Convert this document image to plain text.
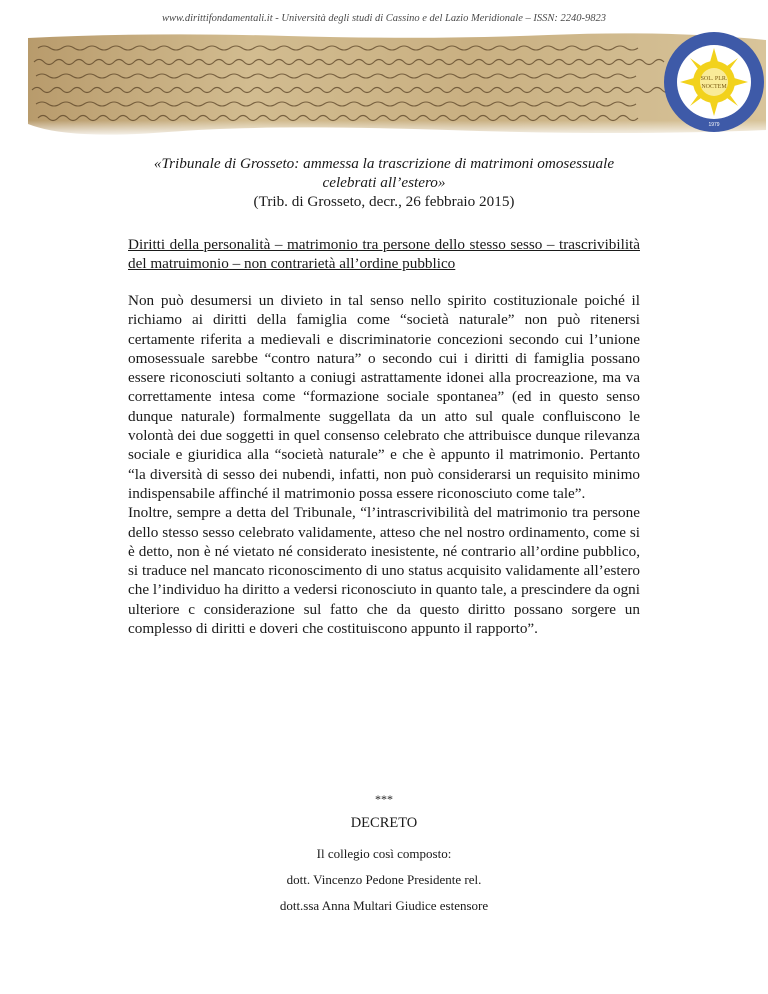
www.dirittifondamentali.it - Università degli studi di Cassino e del Lazio Meridionale – ISSN: 2240-9823
SOL. PLR.
NOCTEM
1979
«Tribunale di Grosseto: ammessa la trascrizione di matrimoni omosessuale celebrati all’estero»
(Trib. di Grosseto, decr., 26 febbraio 2015)
Diritti della personalità – matrimonio tra persone dello stesso sesso – trascrivibilità del matruimonio – non contrarietà all’ordine pubblico

Non può desumersi un divieto in tal senso nello spirito costituzionale poiché il richiamo ai diritti della famiglia come “società naturale” non può ritenersi certamente riferita a medievali e discriminatorie concezioni secondo cui l’unione omosessuale sarebbe “contro natura” o secondo cui i diritti di famiglia possano essere riconosciuti soltanto a coniugi astrattamente idonei alla procreazione, ma va correttamente intesa come “formazione sociale spontanea” (ed in questo senso dunque naturale) formalmente suggellata da un atto sul quale confluiscono le volontà dei due soggetti in quel consenso celebrato che attribuisce dunque rilevanza sociale e giuridica alla “società naturale” e che è appunto il matrimonio. Pertanto “la diversità di sesso dei nubendi, infatti, non può considerarsi un requisito minimo indispensabile affinché il matrimonio possa essere riconosciuto come tale”.

Inoltre, sempre a detta del Tribunale, “l’intrascrivibilità del matrimonio tra persone dello stesso sesso celebrato validamente, atteso che nel nostro ordinamento, come si è detto, non è né vietato né considerato inesistente, né contrario all’ordine pubblico, si traduce nel mancato riconoscimento di uno status acquisito validamente all’estero che l’individuo ha diritto a vedersi riconosciuto in quanto tale, a prescindere da ogni ulteriore c considerazione sul fatto che da questo diritto possano sorgere un complesso di diritti e doveri che costituiscono appunto il rapporto”.

***
DECRETO
Il collegio così composto:
dott. Vincenzo Pedone Presidente rel.
dott.ssa Anna Multari Giudice estensore
